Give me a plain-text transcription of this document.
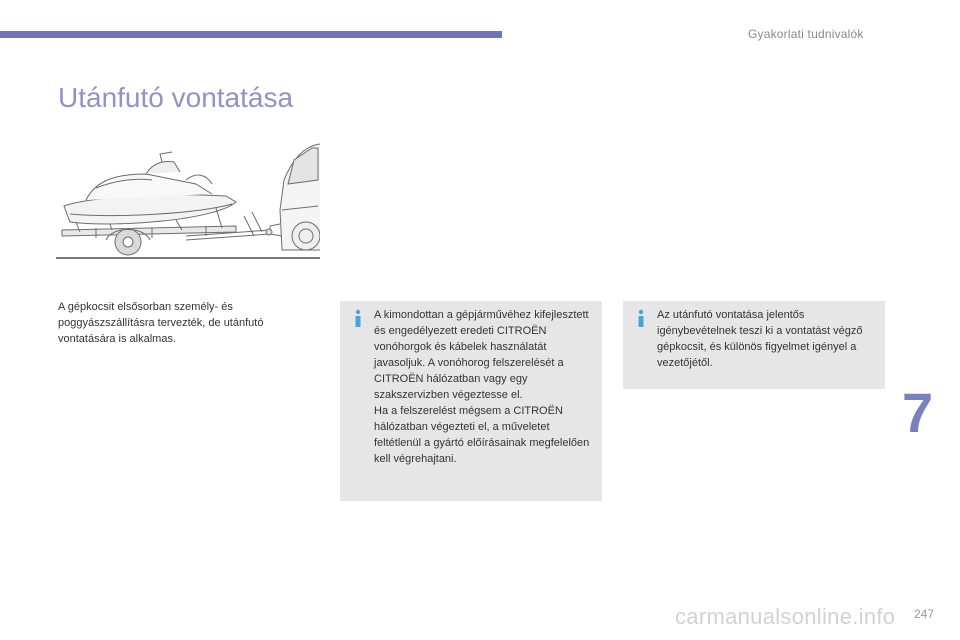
Gyakorlati tudnivalók
Utánfutó vontatása

A gépkocsit elsősorban személy- és poggyászszállításra tervezték, de utánfutó vontatására is alkalmas.

A kimondottan a gépjárművéhez kifejlesztett és engedélyezett eredeti CITROËN vonóhorgok és kábelek használatát javasoljuk. A vonóhorog felszerelését a CITROËN hálózatban vagy egy szakszervizben végeztesse el.
Ha a felszerelést mégsem a CITROËN hálózatban végezteti el, a műveletet feltétlenül a gyártó előírásainak megfelelően kell végrehajtani.
Az utánfutó vontatása jelentős igénybevételnek teszi ki a vontatást végző gépkocsit, és különös figyelmet igényel a vezetőjétől.
7
247
carmanualsonline.info
